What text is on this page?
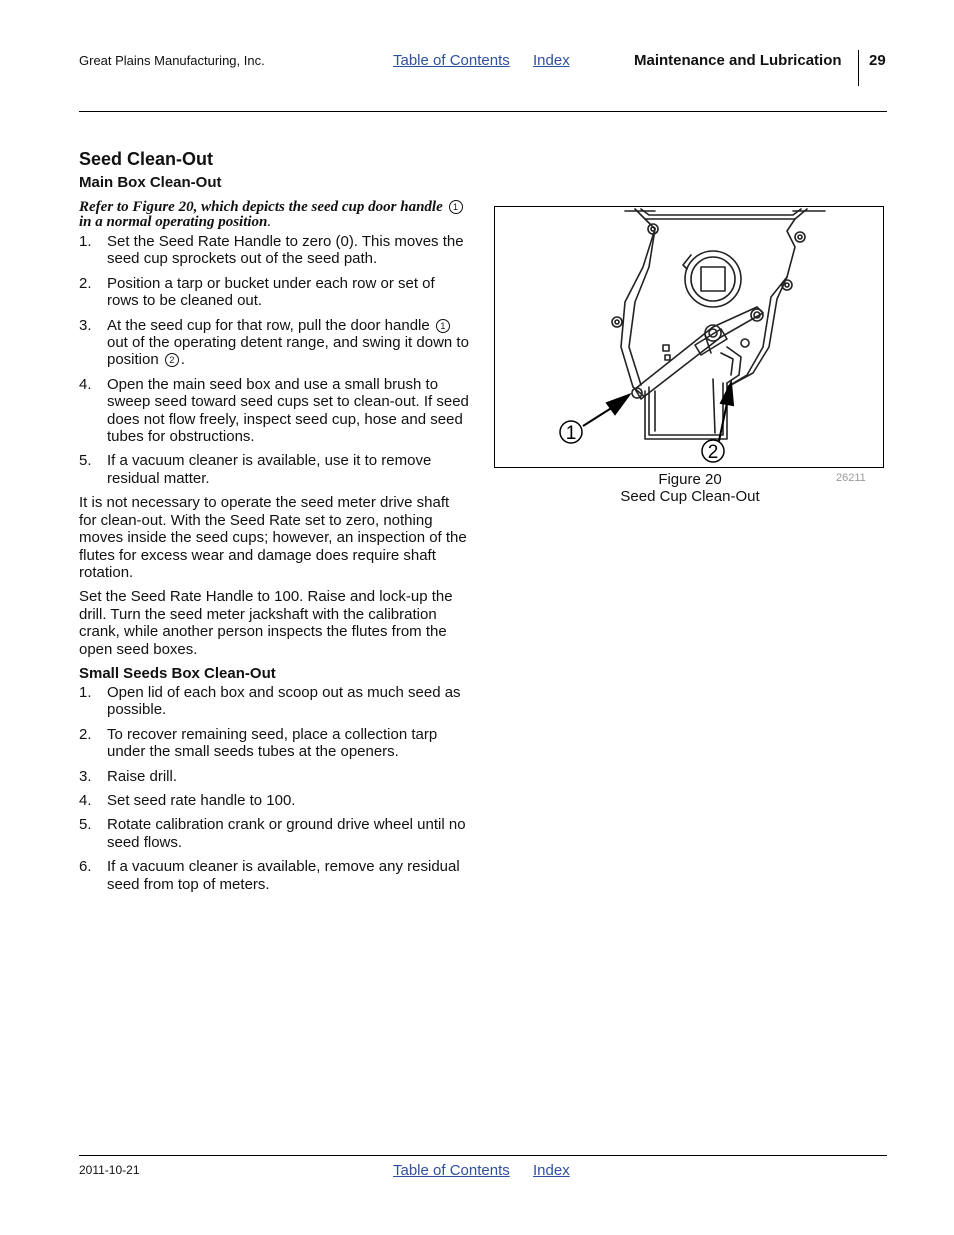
Great Plains Manufacturing, Inc.	Table of Contents Index	Maintenance and Lubrication 29
Seed Clean-Out
Main Box Clean-Out

Refer to Figure 20, which depicts the seed cup door handle 1
in a normal operating position.

1. Set the Seed Rate Handle to zero (0). This moves the seed cup sprockets out of the seed path.
2. Position a tarp or bucket under each row or set of rows to be cleaned out.
3. At the seed cup for that row, pull the door handle 1 out of the operating detent range, and swing it down to position 2 .
4. Open the main seed box and use a small brush to sweep seed toward seed cups set to clean-out. If seed does not flow freely, inspect seed cup, hose and seed tubes for obstructions.
5. If a vacuum cleaner is available, use it to remove residual matter.

It is not necessary to operate the seed meter drive shaft for clean-out. With the Seed Rate set to zero, nothing moves inside the seed cups; however, an inspection of the flutes for excess wear and damage does require shaft rotation.

Set the Seed Rate Handle to 100. Raise and lock-up the drill. Turn the seed meter jackshaft with the calibration crank, while another person inspects the flutes from the open seed boxes.

Small Seeds Box Clean-Out
1. Open lid of each box and scoop out as much seed as possible.
2. To recover remaining seed, place a collection tarp under the small seeds tubes at the openers.
3. Raise drill.
4. Set seed rate handle to 100.
5. Rotate calibration crank or ground drive wheel until no seed flows.
6. If a vacuum cleaner is available, remove any residual seed from top of meters.
1
2
Figure 20
Seed Cup Clean-Out
26211
2011-10-21	Table of Contents Index
